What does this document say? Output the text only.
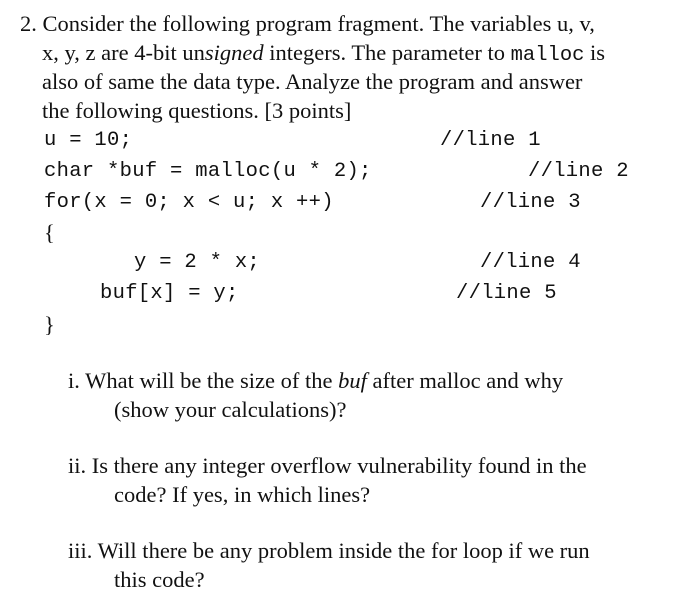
2. Consider the following program fragment. The variables u, v,
x, y, z are 4-bit unsigned integers. The parameter to malloc is
also of same the data type. Analyze the program and answer
the following questions. [3 points]
u = 10;	//line 1
char *buf = malloc(u * 2);	//line 2
for(x = 0; x < u; x ++)	//line 3
{
y = 2 * x;	//line 4
buf[x] = y;	//line 5
}
i. What will be the size of the buf after malloc and why
(show your calculations)?
ii. Is there any integer overflow vulnerability found in the
code? If yes, in which lines?
iii. Will there be any problem inside the for loop if we run
this code?
